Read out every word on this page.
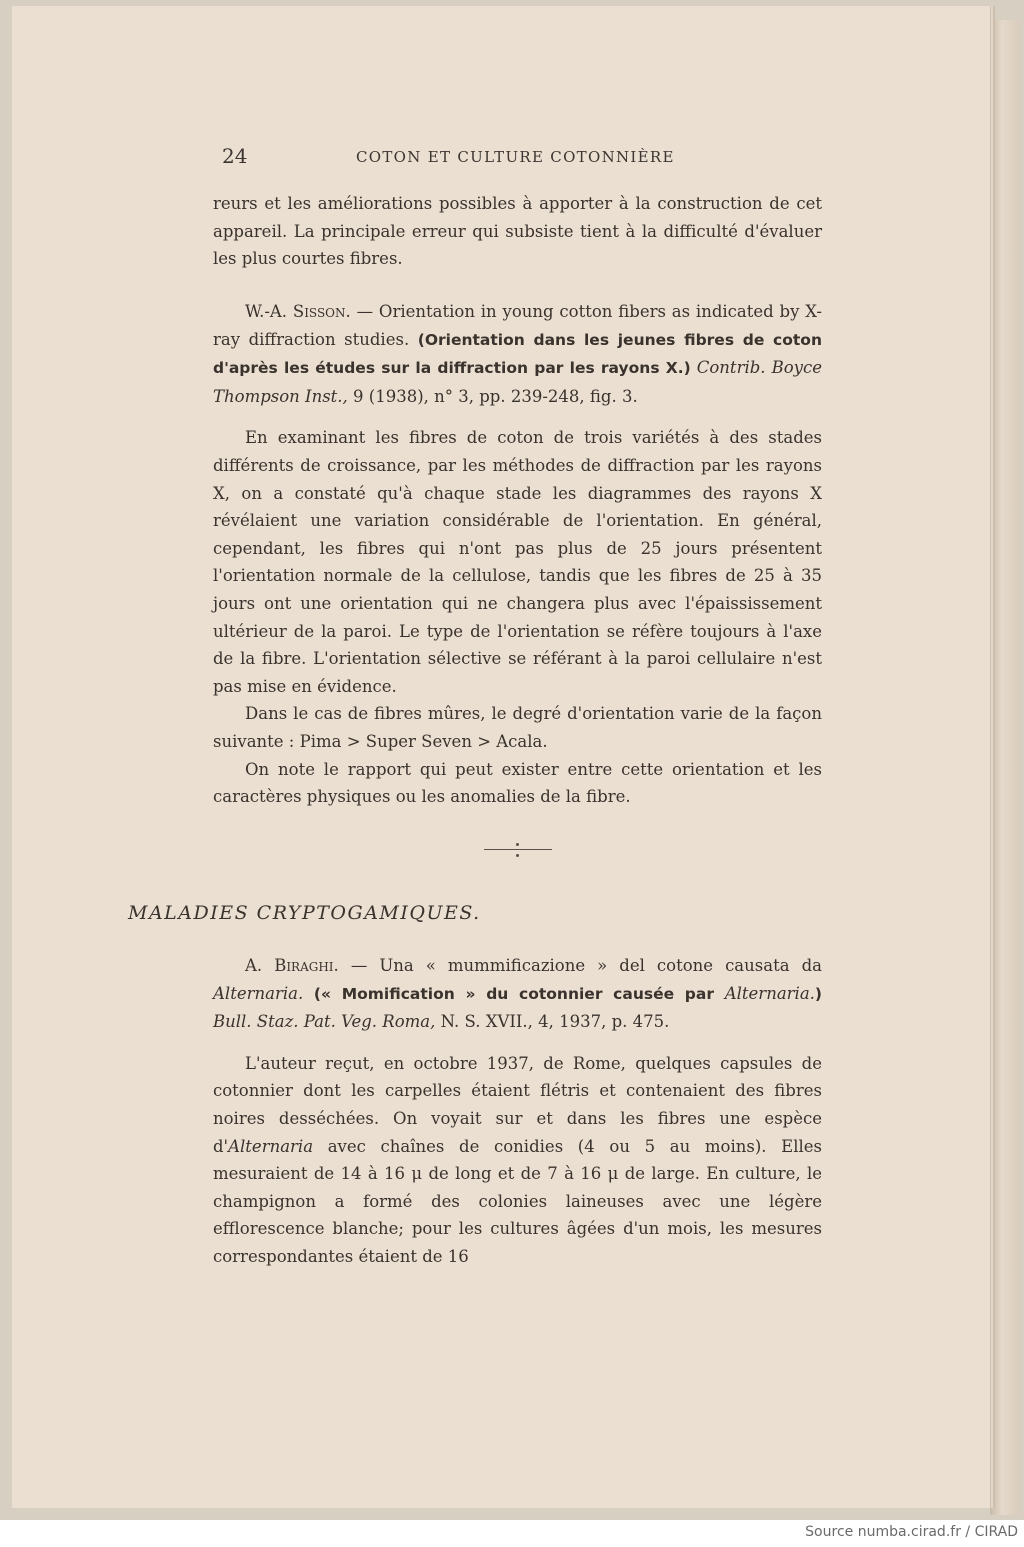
24	COTON ET CULTURE COTONNIÈRE

reurs et les améliorations possibles à apporter à la construction de cet appareil. La principale erreur qui subsiste tient à la difficulté d'évaluer les plus courtes fibres.

W.-A. Sisson. — Orientation in young cotton fibers as indicated by X-ray diffraction studies. (Orientation dans les jeunes fibres de coton d'après les études sur la diffraction par les rayons X.) Contrib. Boyce Thompson Inst., 9 (1938), n° 3, pp. 239-248, fig. 3.

En examinant les fibres de coton de trois variétés à des stades différents de croissance, par les méthodes de diffraction par les rayons X, on a constaté qu'à chaque stade les diagrammes des rayons X révélaient une variation considérable de l'orientation. En général, cependant, les fibres qui n'ont pas plus de 25 jours présentent l'orientation normale de la cellulose, tandis que les fibres de 25 à 35 jours ont une orientation qui ne changera plus avec l'épaississement ultérieur de la paroi. Le type de l'orientation se réfère toujours à l'axe de la fibre. L'orientation sélective se référant à la paroi cellulaire n'est pas mise en évidence.

Dans le cas de fibres mûres, le degré d'orientation varie de la façon suivante : Pima > Super Seven > Acala.

On note le rapport qui peut exister entre cette orientation et les caractères physiques ou les anomalies de la fibre.

MALADIES CRYPTOGAMIQUES.

A. Biraghi. — Una « mummificazione » del cotone causata da Alternaria. (« Momification » du cotonnier causée par Alternaria.) Bull. Staz. Pat. Veg. Roma, N. S. XVII., 4, 1937, p. 475.

L'auteur reçut, en octobre 1937, de Rome, quelques capsules de cotonnier dont les carpelles étaient flétris et contenaient des fibres noires desséchées. On voyait sur et dans les fibres une espèce d'Alternaria avec chaînes de conidies (4 ou 5 au moins). Elles mesuraient de 14 à 16 μ de long et de 7 à 16 μ de large. En culture, le champignon a formé des colonies laineuses avec une légère efflorescence blanche; pour les cultures âgées d'un mois, les mesures correspondantes étaient de 16

Source numba.cirad.fr / CIRAD
